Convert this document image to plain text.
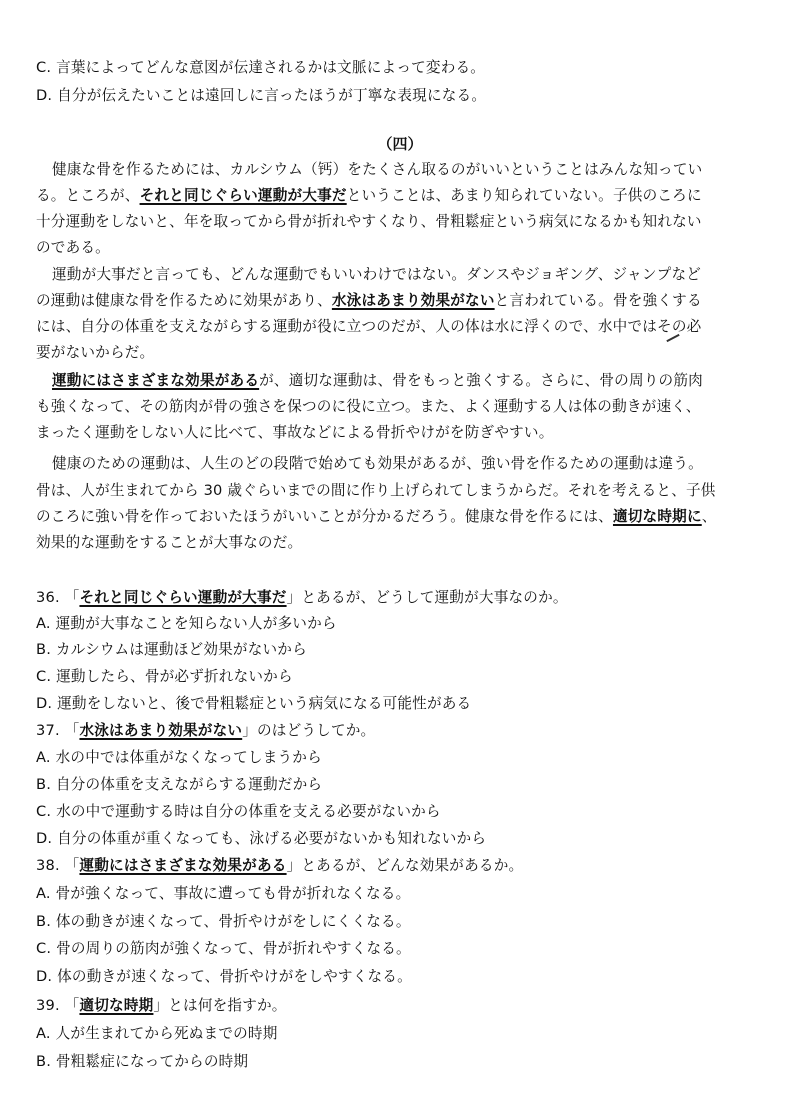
C. 言葉によってどんな意図が伝達されるかは文脈によって変わる。
D. 自分が伝えたいことは遠回しに言ったほうが丁寧な表現になる。
（四）
健康な骨を作るためには、カルシウム（钙）をたくさん取るのがいいということはみんな知ってい
る。ところが、それと同じぐらい運動が大事だということは、あまり知られていない。子供のころに
十分運動をしないと、年を取ってから骨が折れやすくなり、骨粗鬆症という病気になるかも知れない
のである。
運動が大事だと言っても、どんな運動でもいいわけではない。ダンスやジョギング、ジャンプなど
の運動は健康な骨を作るために効果があり、水泳はあまり効果がないと言われている。骨を強くする
には、自分の体重を支えながらする運動が役に立つのだが、人の体は水に浮くので、水中ではその必
要がないからだ。
運動にはさまざまな効果があるが、適切な運動は、骨をもっと強くする。さらに、骨の周りの筋肉
も強くなって、その筋肉が骨の強さを保つのに役に立つ。また、よく運動する人は体の動きが速く、
まったく運動をしない人に比べて、事故などによる骨折やけがを防ぎやすい。
健康のための運動は、人生のどの段階で始めても効果があるが、強い骨を作るための運動は違う。
骨は、人が生まれてから 30 歳ぐらいまでの間に作り上げられてしまうからだ。それを考えると、子供
のころに強い骨を作っておいたほうがいいことが分かるだろう。健康な骨を作るには、適切な時期に、
効果的な運動をすることが大事なのだ。
36. 「それと同じぐらい運動が大事だ」とあるが、どうして運動が大事なのか。
A. 運動が大事なことを知らない人が多いから
B. カルシウムは運動ほど効果がないから
C. 運動したら、骨が必ず折れないから
D. 運動をしないと、後で骨粗鬆症という病気になる可能性がある
37. 「水泳はあまり効果がない」のはどうしてか。
A. 水の中では体重がなくなってしまうから
B. 自分の体重を支えながらする運動だから
C. 水の中で運動する時は自分の体重を支える必要がないから
D. 自分の体重が重くなっても、泳げる必要がないかも知れないから
38. 「運動にはさまざまな効果がある」とあるが、どんな効果があるか。
A. 骨が強くなって、事故に遭っても骨が折れなくなる。
B. 体の動きが速くなって、骨折やけがをしにくくなる。
C. 骨の周りの筋肉が強くなって、骨が折れやすくなる。
D. 体の動きが速くなって、骨折やけがをしやすくなる。
39. 「適切な時期」とは何を指すか。
A. 人が生まれてから死ぬまでの時期
B. 骨粗鬆症になってからの時期
